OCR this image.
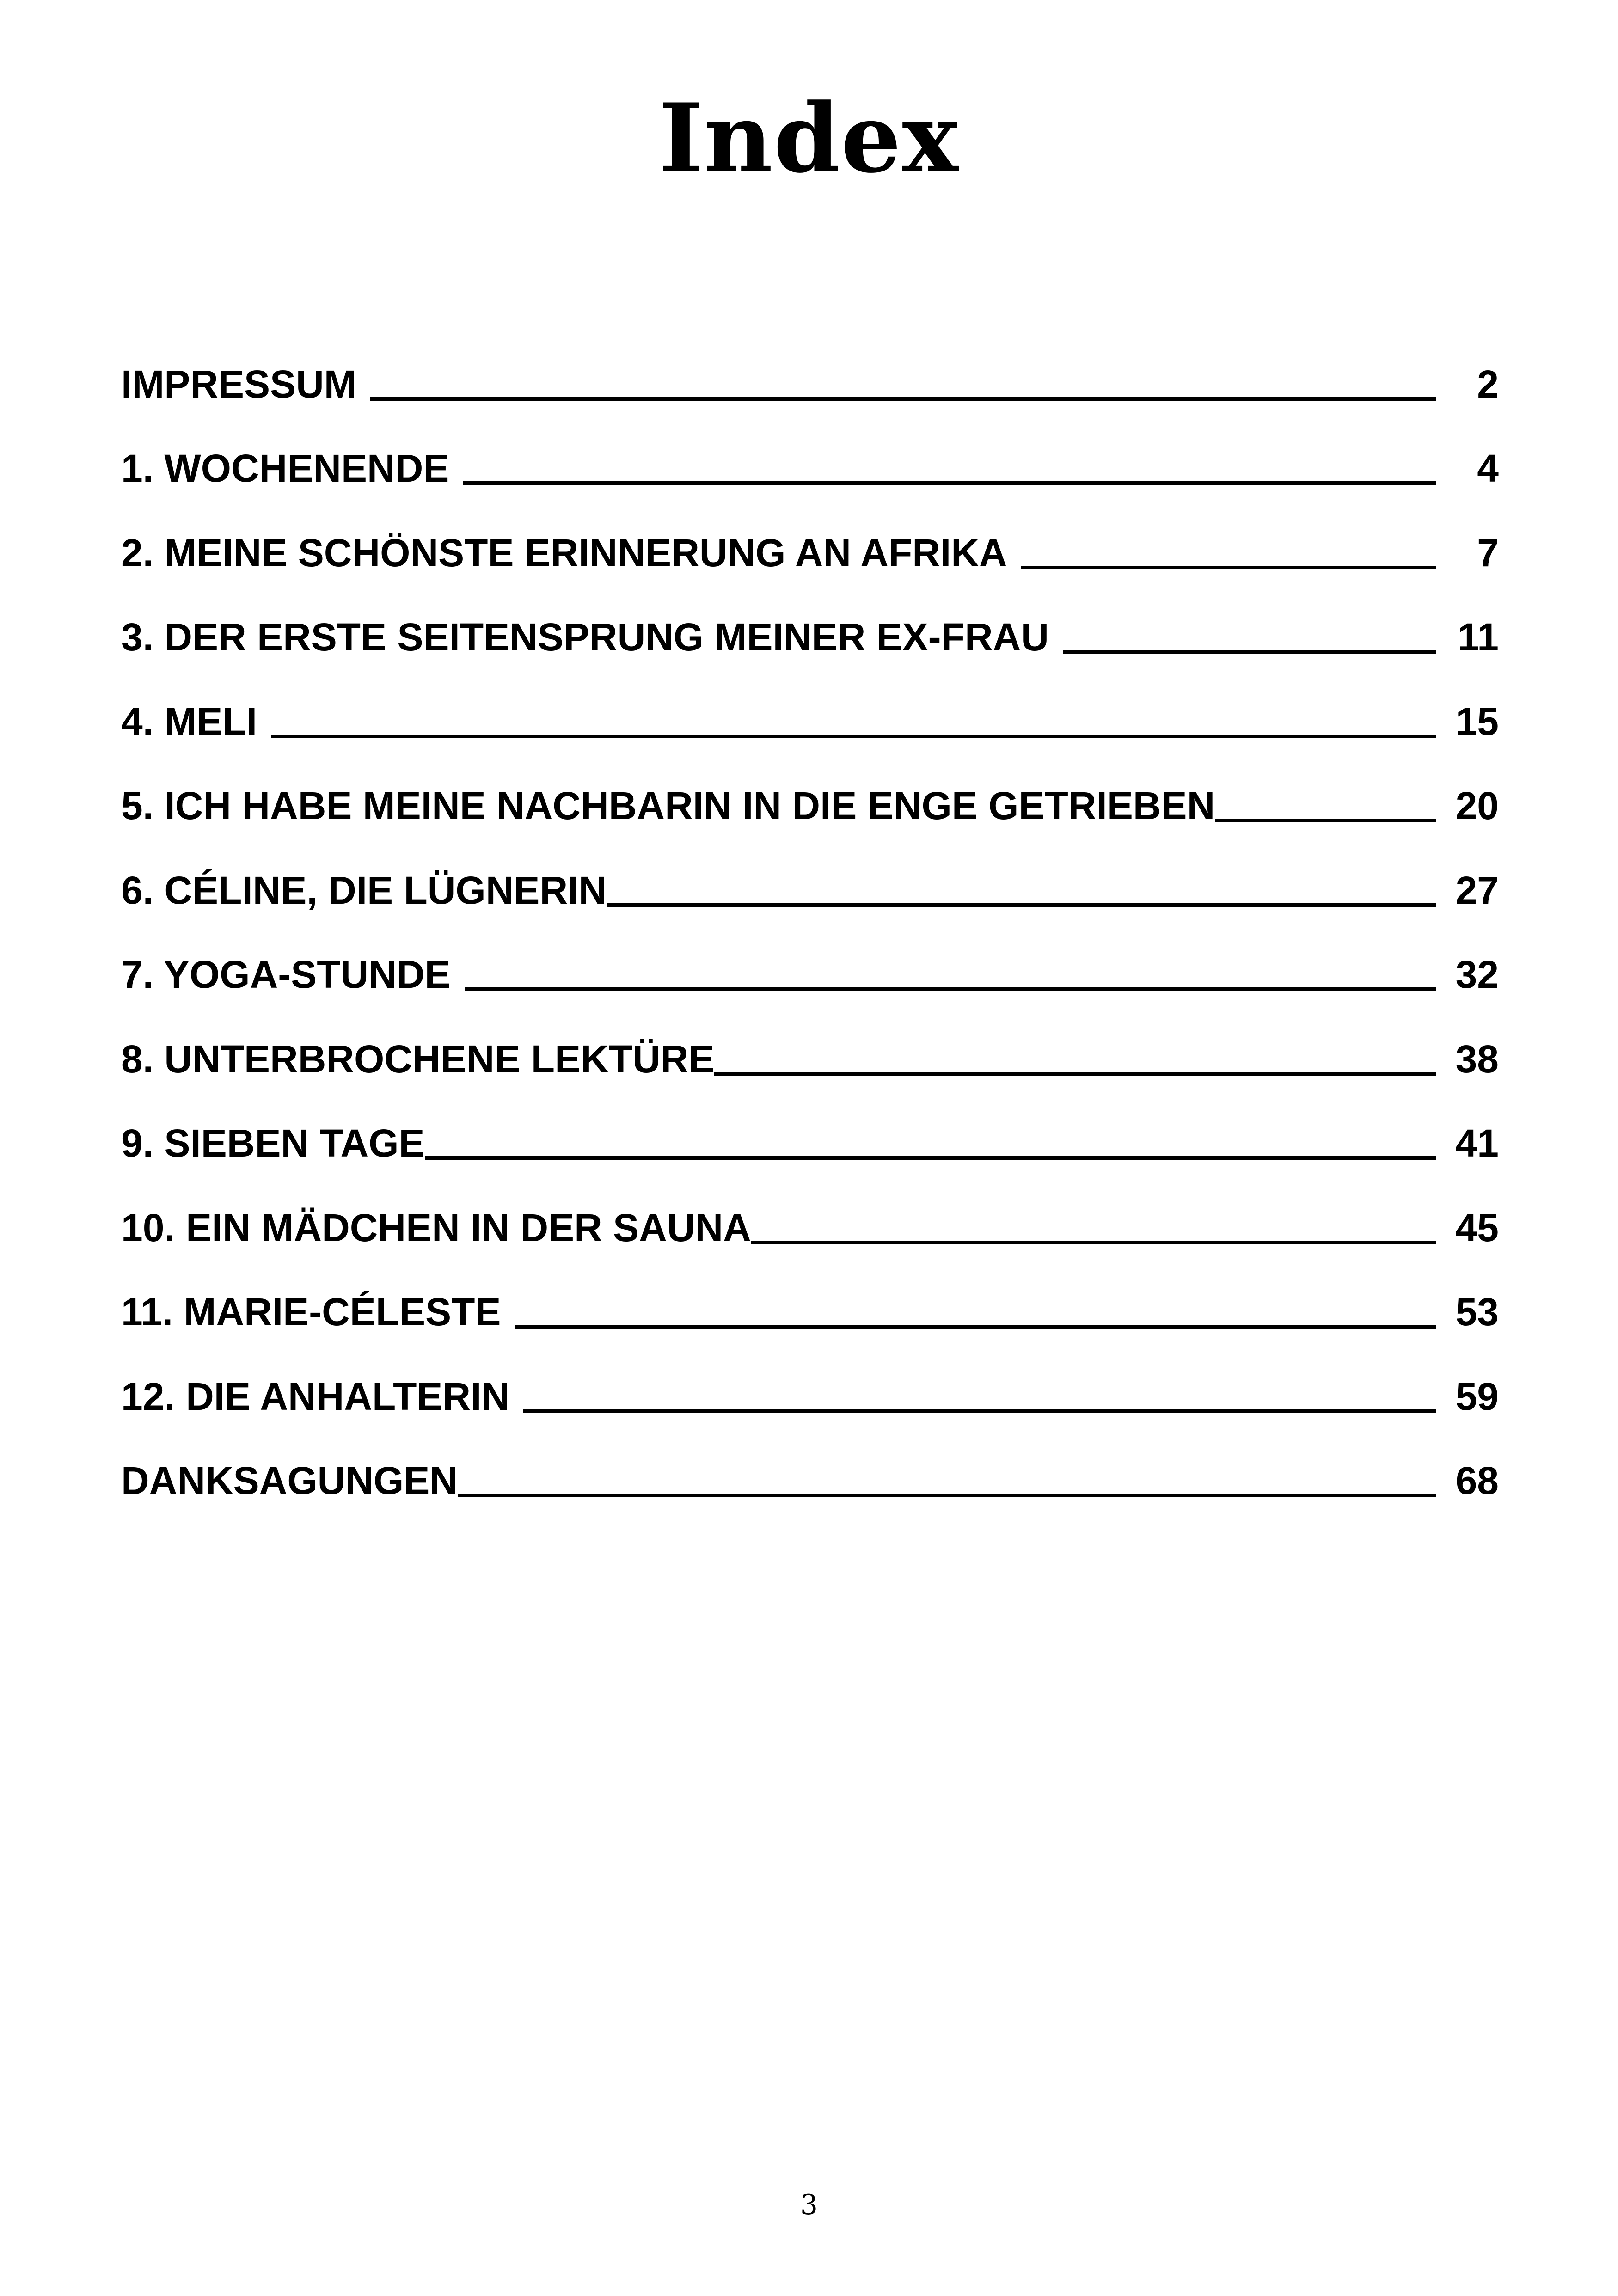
Index
IMPRESSUM	2
1. WOCHENENDE	4
2. MEINE SCHÖNSTE ERINNERUNG AN AFRIKA	7
3. DER ERSTE SEITENSPRUNG MEINER EX-FRAU	11
4. MELI	15
5. ICH HABE MEINE NACHBARIN IN DIE ENGE GETRIEBEN	20
6. CÉLINE, DIE LÜGNERIN	27
7. YOGA-STUNDE	32
8. UNTERBROCHENE LEKTÜRE	38
9. SIEBEN TAGE	41
10. EIN MÄDCHEN IN DER SAUNA	45
11. MARIE-CÉLESTE	53
12. DIE ANHALTERIN	59
DANKSAGUNGEN	68
3
